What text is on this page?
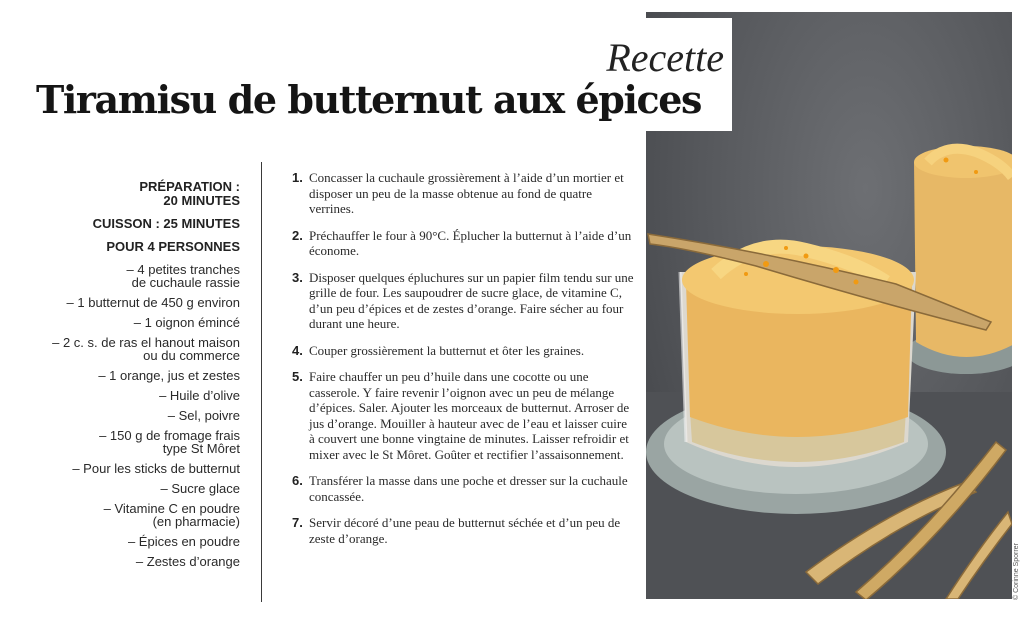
© Corinne Sporrer
Recette
Tiramisu de butternut aux épices
PRÉPARATION :
20 MINUTES
CUISSON : 25 MINUTES
POUR 4 PERSONNES
– 4 petites tranches
de cuchaule rassie
– 1 butternut de 450 g environ
– 1 oignon émincé
– 2 c. s. de ras el hanout maison
ou du commerce
– 1 orange, jus et zestes
– Huile d’olive
– Sel, poivre
– 150 g de fromage frais
type St Môret
– Pour les sticks de butternut
– Sucre glace
– Vitamine C en poudre
(en pharmacie)
– Épices en poudre
– Zestes d’orange
1. Concasser la cuchaule grossièrement à l’aide d’un mortier et disposer un peu de la masse obtenue au fond de quatre verrines.
2. Préchauffer le four à 90°C. Éplucher la butternut à l’aide d’un économe.
3. Disposer quelques épluchures sur un papier film tendu sur une grille de four. Les saupoudrer de sucre glace, de vitamine C, d’un peu d’épices et de zestes d’orange. Faire sécher au four durant une heure.
4. Couper grossièrement la butternut et ôter les graines.
5. Faire chauffer un peu d’huile dans une cocotte ou une casserole. Y faire revenir l’oignon avec un peu de mélange d’épices. Saler. Ajouter les morceaux de butternut. Arroser de jus d’orange. Mouiller à hauteur avec de l’eau et laisser cuire à couvert une bonne vingtaine de minutes. Laisser refroidir et mixer avec le St Môret. Goûter et rectifier l’assaisonnement.
6. Transférer la masse dans une poche et dresser sur la cuchaule concassée.
7. Servir décoré d’une peau de butternut séchée et d’un peu de zeste d’orange.
